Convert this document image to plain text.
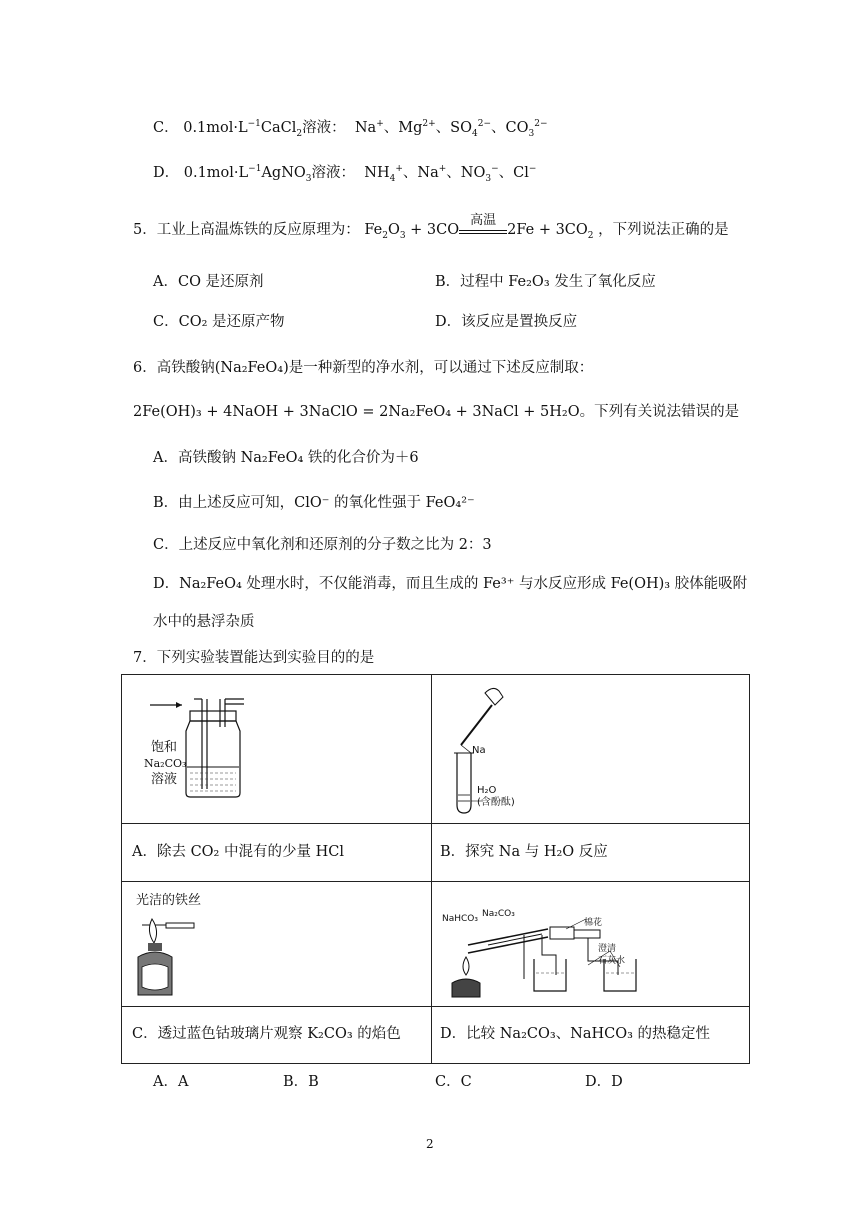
C． $0.1mol\cdot L^{-1}CaCl_2$溶液： Na+、$Mg^{2+}$、$SO_4^{2-}$、$CO_3^{2-}$
D． $0.1mol\cdot L^{-1}AgNO_3$溶液： $NH_4^+$、Na+、$NO_3^-$、Cl−
5．工业上高温炼铁的反应原理为： $Fe_2O_3 + 3CO$
高温
$2Fe + 3CO_2$ ，下列说法正确的是
A．CO 是还原剂	B．过程中 Fe₂O₃ 发生了氧化反应
C．CO₂ 是还原产物	D．该反应是置换反应
6．高铁酸钠(Na₂FeO₄)是一种新型的净水剂，可以通过下述反应制取：
2Fe(OH)₃ + 4NaOH + 3NaClO = 2Na₂FeO₄ + 3NaCl + 5H₂O。下列有关说法错误的是
A．高铁酸钠 Na₂FeO₄ 铁的化合价为＋6
B．由上述反应可知，ClO⁻ 的氧化性强于 FeO₄²⁻
C．上述反应中氧化剂和还原剂的分子数之比为 2：3
D．Na₂FeO₄ 处理水时，不仅能消毒，而且生成的 Fe³⁺ 与水反应形成 Fe(OH)₃ 胶体能吸附
水中的悬浮杂质
7．下列实验装置能达到实验目的的是
饱和
Na₂CO₃
溶液
Na
H₂O
(含酚酞)
A．除去 CO₂ 中混有的少量 HCl	B．探究 Na 与 H₂O 反应
光洁的铁丝
NaHCO₃ Na₂CO₃
棉花
澄清
石灰水
C．透过蓝色钴玻璃片观察 K₂CO₃ 的焰色	D．比较 Na₂CO₃、NaHCO₃ 的热稳定性
A．A	B．B	C．C	D．D
2
